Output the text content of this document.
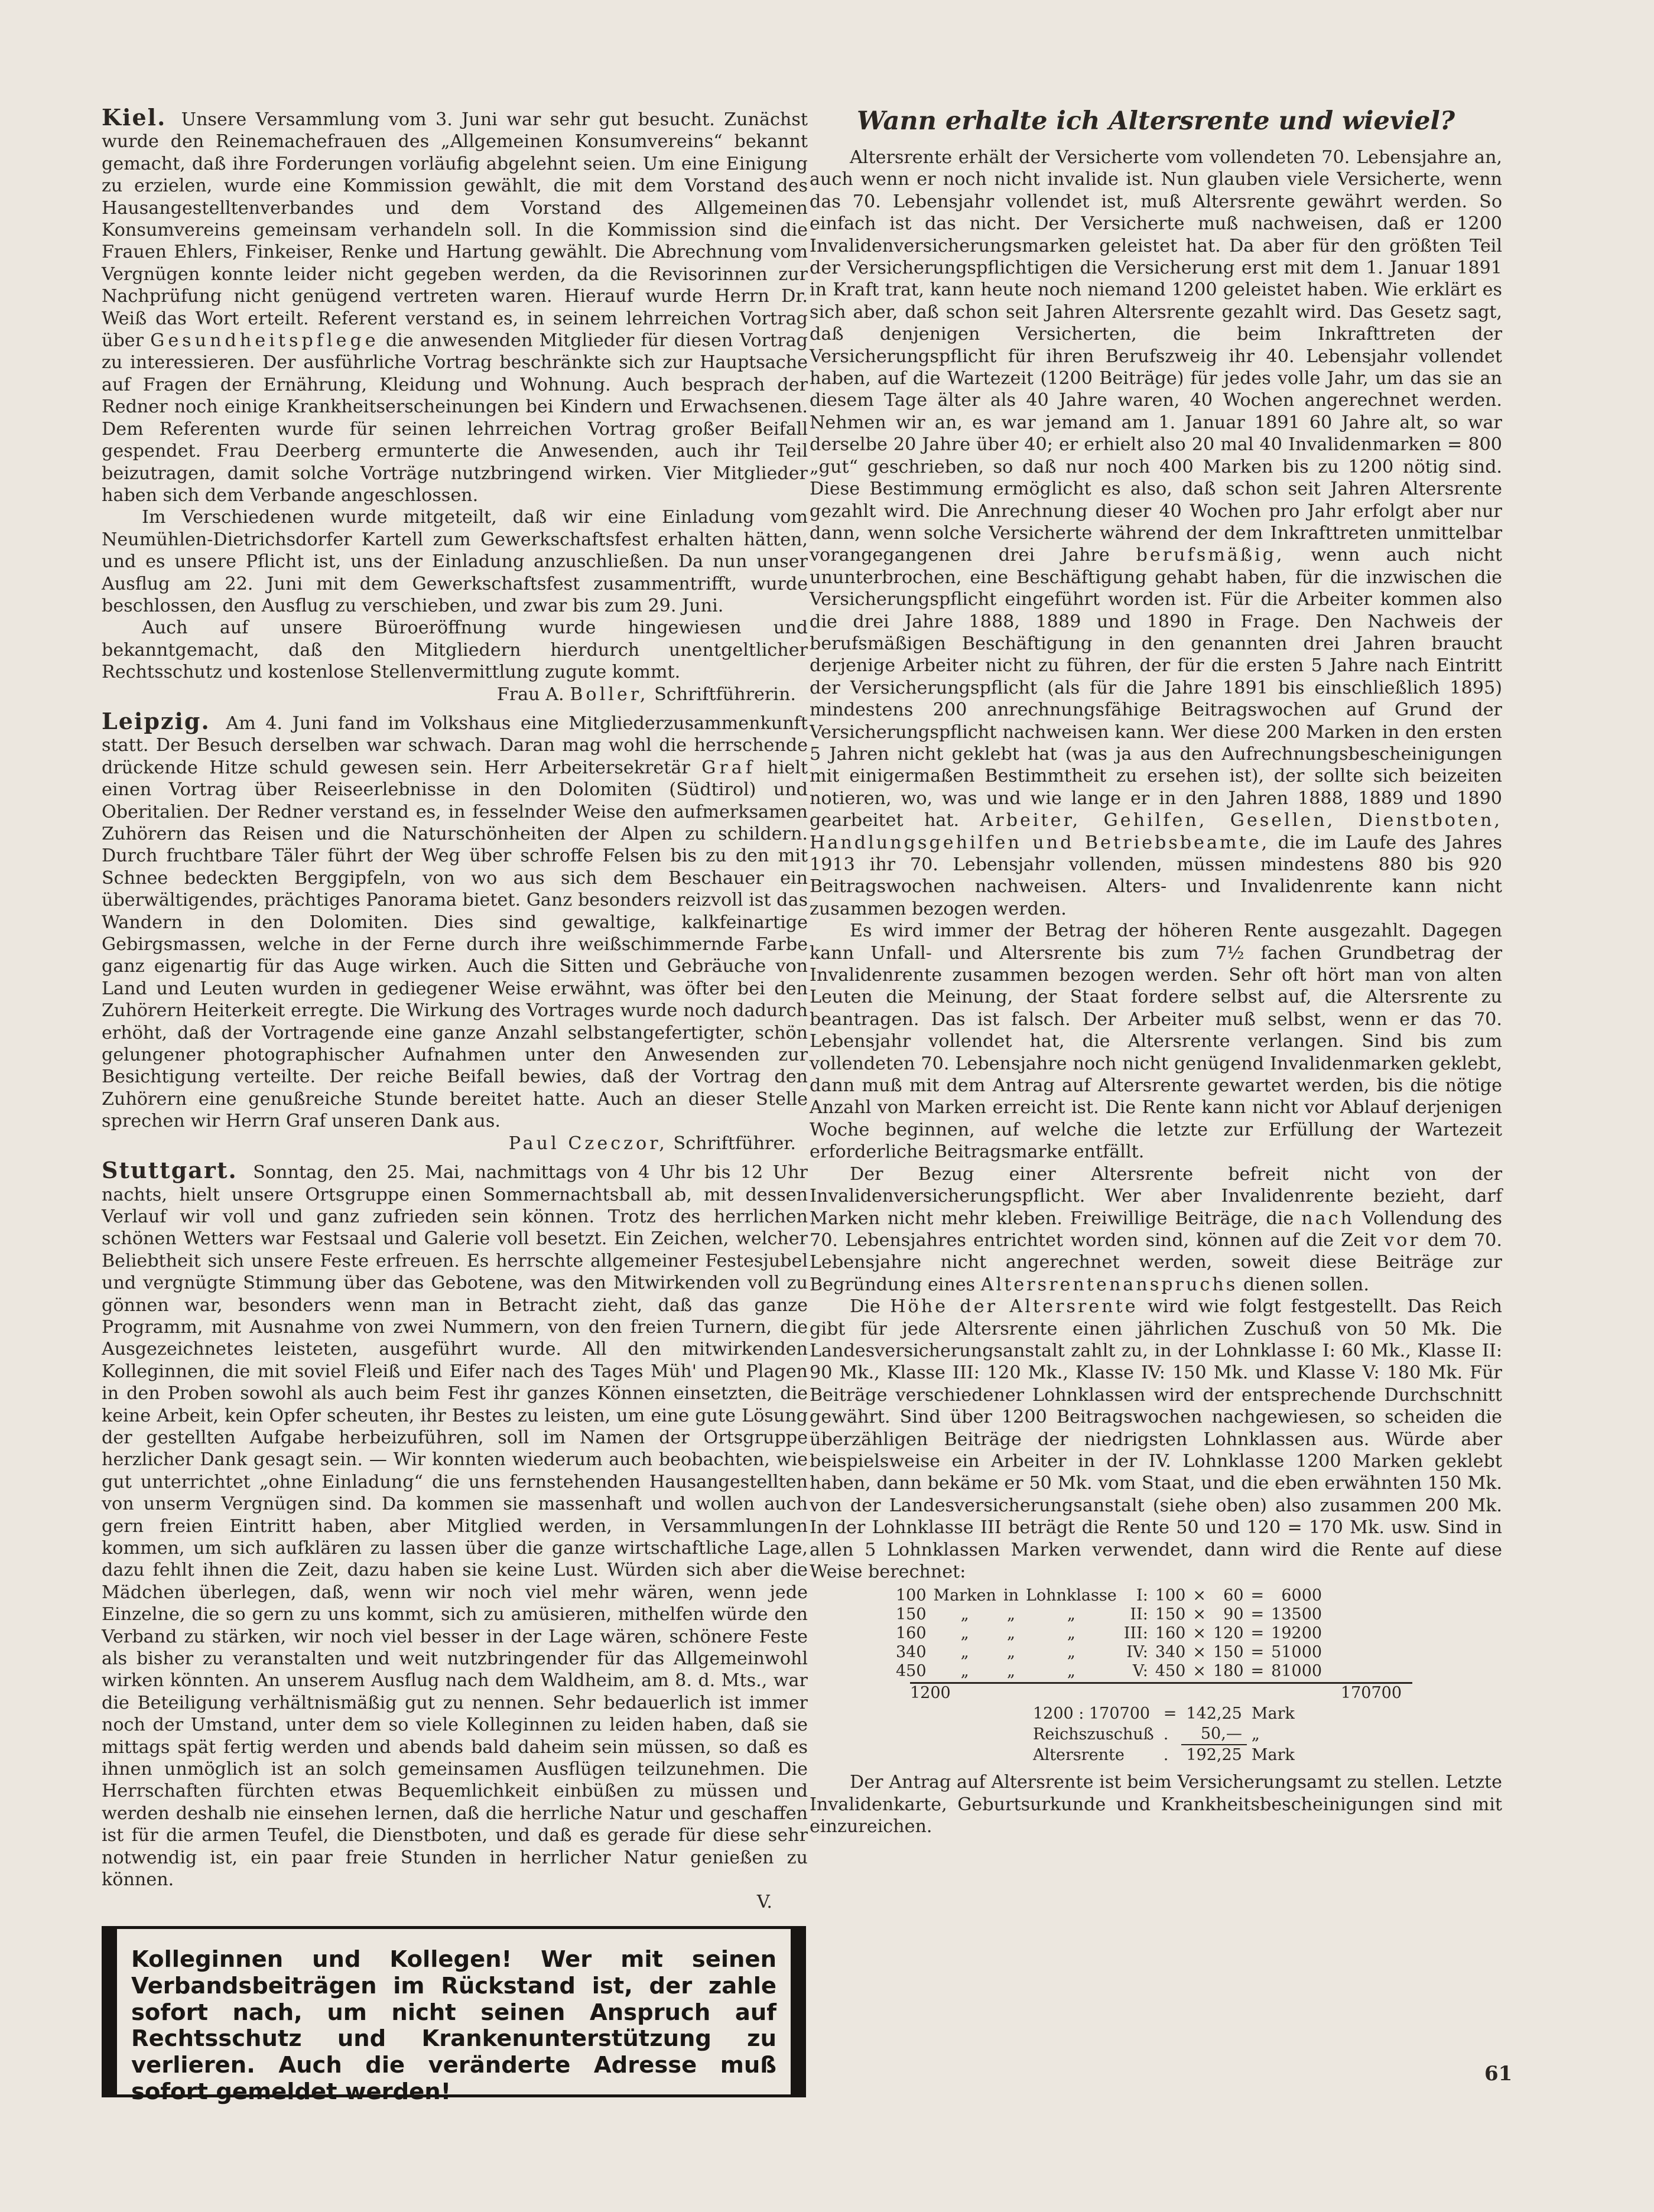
Kiel. Unsere Versammlung vom 3. Juni war sehr gut besucht. Zunächst wurde den Reinemachefrauen des „Allgemeinen Konsumvereins“ bekannt gemacht, daß ihre Forderungen vorläufig abgelehnt seien. Um eine Einigung zu erzielen, wurde eine Kommission gewählt, die mit dem Vorstand des Hausangestelltenverbandes und dem Vorstand des Allgemeinen Konsumvereins gemeinsam verhandeln soll. In die Kommission sind die Frauen Ehlers, Finkeiser, Renke und Hartung gewählt. Die Abrechnung vom Vergnügen konnte leider nicht gegeben werden, da die Revisorinnen zur Nachprüfung nicht genügend vertreten waren. Hierauf wurde Herrn Dr. Weiß das Wort erteilt. Referent verstand es, in seinem lehrreichen Vortrag über Gesundheitspflege die anwesenden Mitglieder für diesen Vortrag zu interessieren. Der ausführliche Vortrag beschränkte sich zur Hauptsache auf Fragen der Ernährung, Kleidung und Wohnung. Auch besprach der Redner noch einige Krankheitserscheinungen bei Kindern und Erwachsenen. Dem Referenten wurde für seinen lehrreichen Vortrag großer Beifall gespendet. Frau Deerberg ermunterte die Anwesenden, auch ihr Teil beizutragen, damit solche Vorträge nutzbringend wirken. Vier Mitglieder haben sich dem Verbande angeschlossen.

Im Verschiedenen wurde mitgeteilt, daß wir eine Einladung vom Neumühlen-Dietrichsdorfer Kartell zum Gewerkschaftsfest erhalten hätten, und es unsere Pflicht ist, uns der Einladung anzuschließen. Da nun unser Ausflug am 22. Juni mit dem Gewerkschaftsfest zusammentrifft, wurde beschlossen, den Ausflug zu verschieben, und zwar bis zum 29. Juni.

Auch auf unsere Büroeröffnung wurde hingewiesen und bekanntgemacht, daß den Mitgliedern hierdurch unentgeltlicher Rechtsschutz und kostenlose Stellenvermittlung zugute kommt.

Frau A. Boller, Schriftführerin.

Leipzig. Am 4. Juni fand im Volkshaus eine Mitgliederzusammenkunft statt. Der Besuch derselben war schwach. Daran mag wohl die herrschende drückende Hitze schuld gewesen sein. Herr Arbeitersekretär Graf hielt einen Vortrag über Reiseerlebnisse in den Dolomiten (Südtirol) und Oberitalien. Der Redner verstand es, in fesselnder Weise den aufmerksamen Zuhörern das Reisen und die Naturschönheiten der Alpen zu schildern. Durch fruchtbare Täler führt der Weg über schroffe Felsen bis zu den mit Schnee bedeckten Berggipfeln, von wo aus sich dem Beschauer ein überwältigendes, prächtiges Panorama bietet. Ganz besonders reizvoll ist das Wandern in den Dolomiten. Dies sind gewaltige, kalkfeinartige Gebirgsmassen, welche in der Ferne durch ihre weißschimmernde Farbe ganz eigenartig für das Auge wirken. Auch die Sitten und Gebräuche von Land und Leuten wurden in gediegener Weise erwähnt, was öfter bei den Zuhörern Heiterkeit erregte. Die Wirkung des Vortrages wurde noch dadurch erhöht, daß der Vortragende eine ganze Anzahl selbstangefertigter, schön gelungener photographischer Aufnahmen unter den Anwesenden zur Besichtigung verteilte. Der reiche Beifall bewies, daß der Vortrag den Zuhörern eine genußreiche Stunde bereitet hatte. Auch an dieser Stelle sprechen wir Herrn Graf unseren Dank aus.

Paul Czeczor, Schriftführer.

Stuttgart. Sonntag, den 25. Mai, nachmittags von 4 Uhr bis 12 Uhr nachts, hielt unsere Ortsgruppe einen Sommernachtsball ab, mit dessen Verlauf wir voll und ganz zufrieden sein können. Trotz des herrlichen schönen Wetters war Festsaal und Galerie voll besetzt. Ein Zeichen, welcher Beliebtheit sich unsere Feste erfreuen. Es herrschte allgemeiner Festesjubel und vergnügte Stimmung über das Gebotene, was den Mitwirkenden voll zu gönnen war, besonders wenn man in Betracht zieht, daß das ganze Programm, mit Ausnahme von zwei Nummern, von den freien Turnern, die Ausgezeichnetes leisteten, ausgeführt wurde. All den mitwirkenden Kolleginnen, die mit soviel Fleiß und Eifer nach des Tages Müh' und Plagen in den Proben sowohl als auch beim Fest ihr ganzes Können einsetzten, die keine Arbeit, kein Opfer scheuten, ihr Bestes zu leisten, um eine gute Lösung der gestellten Aufgabe herbeizuführen, soll im Namen der Ortsgruppe herzlicher Dank gesagt sein. — Wir konnten wiederum auch beobachten, wie gut unterrichtet „ohne Einladung“ die uns fernstehenden Hausangestellten von unserm Vergnügen sind. Da kommen sie massenhaft und wollen auch gern freien Eintritt haben, aber Mitglied werden, in Versammlungen kommen, um sich aufklären zu lassen über die ganze wirtschaftliche Lage, dazu fehlt ihnen die Zeit, dazu haben sie keine Lust. Würden sich aber die Mädchen überlegen, daß, wenn wir noch viel mehr wären, wenn jede Einzelne, die so gern zu uns kommt, sich zu amüsieren, mithelfen würde den Verband zu stärken, wir noch viel besser in der Lage wären, schönere Feste als bisher zu veranstalten und weit nutzbringender für das Allgemeinwohl wirken könnten. An unserem Ausflug nach dem Waldheim, am 8. d. Mts., war die Beteiligung verhältnismäßig gut zu nennen. Sehr bedauerlich ist immer noch der Umstand, unter dem so viele Kolleginnen zu leiden haben, daß sie mittags spät fertig werden und abends bald daheim sein müssen, so daß es ihnen unmöglich ist an solch gemeinsamen Ausflügen teilzunehmen. Die Herrschaften fürchten etwas Bequemlichkeit einbüßen zu müssen und werden deshalb nie einsehen lernen, daß die herrliche Natur und geschaffen ist für die armen Teufel, die Dienstboten, und daß es gerade für diese sehr notwendig ist, ein paar freie Stunden in herrlicher Natur genießen zu können.

V.

Kolleginnen und Kollegen! Wer mit seinen Verbandsbeiträgen im Rückstand ist, der zahle sofort nach, um nicht seinen Anspruch auf Rechtsschutz und Krankenunterstützung zu verlieren. Auch die veränderte Adresse muß sofort gemeldet werden!
Wann erhalte ich Altersrente und wieviel?
Altersrente erhält der Versicherte vom vollendeten 70. Lebensjahre an, auch wenn er noch nicht invalide ist. Nun glauben viele Versicherte, wenn das 70. Lebensjahr vollendet ist, muß Altersrente gewährt werden. So einfach ist das nicht. Der Versicherte muß nachweisen, daß er 1200 Invalidenversicherungsmarken geleistet hat. Da aber für den größten Teil der Versicherungspflichtigen die Versicherung erst mit dem 1. Januar 1891 in Kraft trat, kann heute noch niemand 1200 geleistet haben. Wie erklärt es sich aber, daß schon seit Jahren Altersrente gezahlt wird. Das Gesetz sagt, daß denjenigen Versicherten, die beim Inkrafttreten der Versicherungspflicht für ihren Berufszweig ihr 40. Lebensjahr vollendet haben, auf die Wartezeit (1200 Beiträge) für jedes volle Jahr, um das sie an diesem Tage älter als 40 Jahre waren, 40 Wochen angerechnet werden. Nehmen wir an, es war jemand am 1. Januar 1891 60 Jahre alt, so war derselbe 20 Jahre über 40; er erhielt also 20 mal 40 Invalidenmarken = 800 „gut“ geschrieben, so daß nur noch 400 Marken bis zu 1200 nötig sind. Diese Bestimmung ermöglicht es also, daß schon seit Jahren Altersrente gezahlt wird. Die Anrechnung dieser 40 Wochen pro Jahr erfolgt aber nur dann, wenn solche Versicherte während der dem Inkrafttreten unmittelbar vorangegangenen drei Jahre berufsmäßig, wenn auch nicht ununterbrochen, eine Beschäftigung gehabt haben, für die inzwischen die Versicherungspflicht eingeführt worden ist. Für die Arbeiter kommen also die drei Jahre 1888, 1889 und 1890 in Frage. Den Nachweis der berufsmäßigen Beschäftigung in den genannten drei Jahren braucht derjenige Arbeiter nicht zu führen, der für die ersten 5 Jahre nach Eintritt der Versicherungspflicht (als für die Jahre 1891 bis einschließlich 1895) mindestens 200 anrechnungsfähige Beitragswochen auf Grund der Versicherungspflicht nachweisen kann. Wer diese 200 Marken in den ersten 5 Jahren nicht geklebt hat (was ja aus den Aufrechnungsbescheinigungen mit einigermaßen Bestimmtheit zu ersehen ist), der sollte sich beizeiten notieren, wo, was und wie lange er in den Jahren 1888, 1889 und 1890 gearbeitet hat. Arbeiter, Gehilfen, Gesellen, Dienstboten, Handlungsgehilfen und Betriebsbeamte, die im Laufe des Jahres 1913 ihr 70. Lebensjahr vollenden, müssen mindestens 880 bis 920 Beitragswochen nachweisen. Alters- und Invalidenrente kann nicht zusammen bezogen werden.

Es wird immer der Betrag der höheren Rente ausgezahlt. Dagegen kann Unfall- und Altersrente bis zum 7½ fachen Grundbetrag der Invalidenrente zusammen bezogen werden. Sehr oft hört man von alten Leuten die Meinung, der Staat fordere selbst auf, die Altersrente zu beantragen. Das ist falsch. Der Arbeiter muß selbst, wenn er das 70. Lebensjahr vollendet hat, die Altersrente verlangen. Sind bis zum vollendeten 70. Lebensjahre noch nicht genügend Invalidenmarken geklebt, dann muß mit dem Antrag auf Altersrente gewartet werden, bis die nötige Anzahl von Marken erreicht ist. Die Rente kann nicht vor Ablauf derjenigen Woche beginnen, auf welche die letzte zur Erfüllung der Wartezeit erforderliche Beitragsmarke entfällt.

Der Bezug einer Altersrente befreit nicht von der Invalidenversicherungspflicht. Wer aber Invalidenrente bezieht, darf Marken nicht mehr kleben. Freiwillige Beiträge, die nach Vollendung des 70. Lebensjahres entrichtet worden sind, können auf die Zeit vor dem 70. Lebensjahre nicht angerechnet werden, soweit diese Beiträge zur Begründung eines Altersrentenanspruchs dienen sollen.
Die Höhe der Altersrente wird wie folgt festgestellt. Das Reich gibt für jede Altersrente einen jährlichen Zuschuß von 50 Mk. Die Landesversicherungsanstalt zahlt zu, in der Lohnklasse I: 60 Mk., Klasse II: 90 Mk., Klasse III: 120 Mk., Klasse IV: 150 Mk. und Klasse V: 180 Mk. Für Beiträge verschiedener Lohnklassen wird der entsprechende Durchschnitt gewährt. Sind über 1200 Beitragswochen nachgewiesen, so scheiden die überzähligen Beiträge der niedrigsten Lohnklassen aus. Würde aber beispielsweise ein Arbeiter in der IV. Lohnklasse 1200 Marken geklebt haben, dann bekäme er 50 Mk. vom Staat, und die eben erwähnten 150 Mk. von der Landesversicherungsanstalt (siehe oben) also zusammen 200 Mk. In der Lohnklasse III beträgt die Rente 50 und 120 = 170 Mk. usw. Sind in allen 5 Lohnklassen Marken verwendet, dann wird die Rente auf diese Weise berechnet:
100	Marken	in	Lohnklasse	I:	100	×	60	=	6000
150	„	„	„	II:	150	×	90	=	13500
160	„	„	„	III:	160	×	120	=	19200
340	„	„	„	IV:	340	×	150	=	51000
450	„	„	„	V:	450	×	180	=	81000
1200	170700
1200 : 170700	=	142,25	Mark
Reichszuschuß	.	50,—	„
Altersrente	.	192,25	Mark

Der Antrag auf Altersrente ist beim Versicherungsamt zu stellen. Letzte Invalidenkarte, Geburtsurkunde und Krankheitsbescheinigungen sind mit einzureichen.

61
